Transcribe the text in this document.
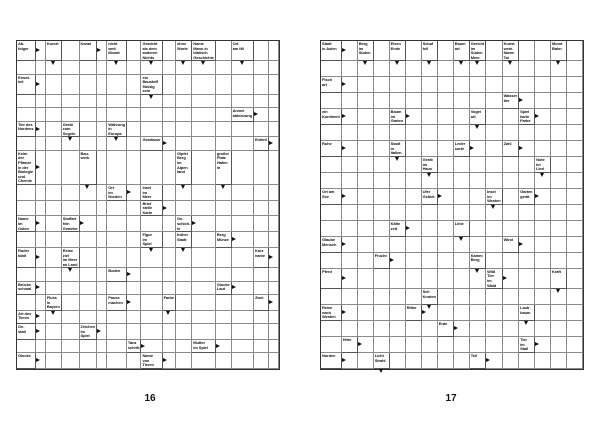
Ab-
folger
Kurort	Kanal	nicht
weit
Monat
Gewicht
als dem
anderen
Nichts
ohne
Worte
Name
Mann in
biblisch
Geschichte
Ort
am Nil
Einzel-
teil
ein
Baustoff
flüssig
sein
Arznei
abkürzung
Tier des
Nordens
Gerät
zum
Segeln
Währung
in
Europa
Gewässer	Erdteil
Keim der
Pflanze
in der
Biologie
und
Chemie
Bau-
werk
Gipfel
Berg im
Alpen
land
großer
Platz
Hafen in
Ort
im
Norden
Insel
im
Meer
Brief
stelle
Karte
Name
im
Osten
Stoffart
fein
Gewebe
Ge-
schich-
te
Figur
im
Spiel
früher
Stadt
Berg
Münze
Ruder
blatt
Reise
ziel
im Meer
an Land
Kurz
name
Boden
Brücke
schmal
Glocke
Laut
Fluss
in Bayern
Pause
machen
Farbe	Zwei
Art des
Tieres
Ge-
stalt
Zeichen
im Spiel
Tanz
schritt
Mutter
im Spiel
Glocke	Name
von
Tieren
16
Stadt
in Asien
Berg
im Süden
Eisen
Ende
Schaf
fell
Baum
art
Gericht
im Süden
Meer
Kunst
werk
Name
Tal
Mond
Bahn
Fisch
art
Wasser
tier
ein
Kontinent
Baum
im
Garten
Vogel
art
Spiel
karte
Farbe
Ruhe	Stadt
in
Italien
Leder
sorte
Zahl
Gerät
im
Haus
Note
im
Lied
Ort am
See
Ufer
Gebiet
Insel
im
Westen
Garten
gerät
Kälte
zeit
Linie
Glaube
Mensch
Wind
Frucht	Kamm
Berg
Pferd	Wild
Tier
im Wald
Kraft
Seil
Knoten
Reise
nach
Westen
Ritter	Laub
baum
Erde
Hirte	Tier
im
Stall
Norden	Licht
Strahl
Teil
17
